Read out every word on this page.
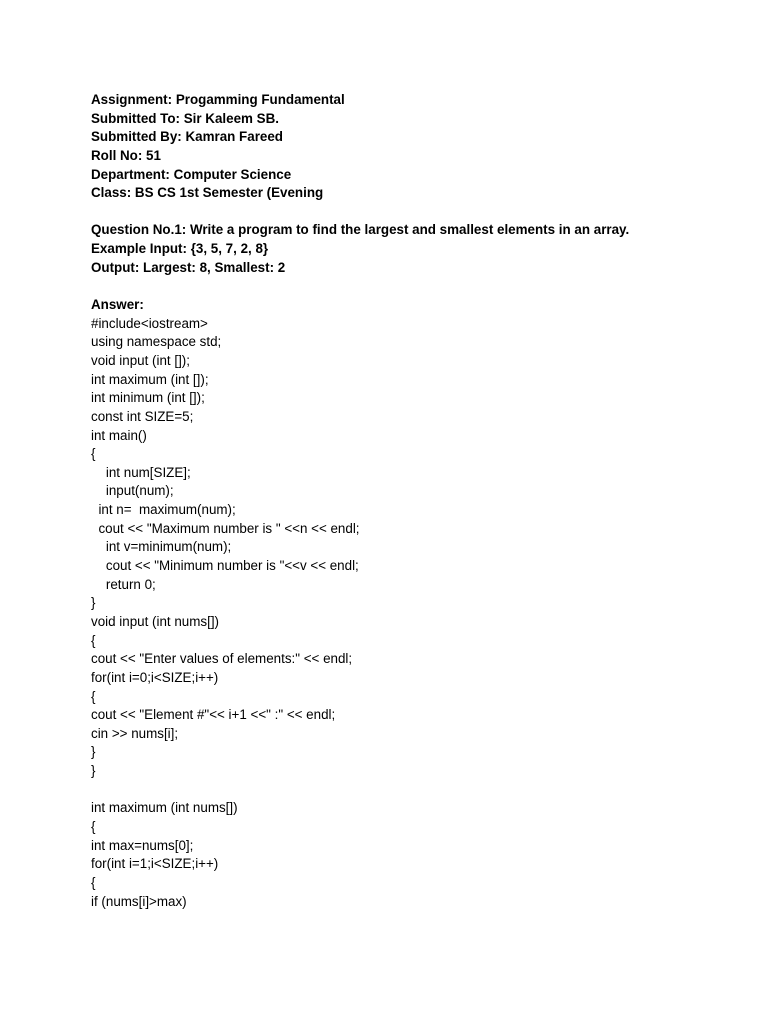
Assignment: Progamming Fundamental
Submitted To: Sir Kaleem SB.
Submitted By: Kamran Fareed
Roll No: 51
Department: Computer Science
Class: BS CS 1st Semester (Evening
Question No.1: Write a program to find the largest and smallest elements in an array.
Example Input: {3, 5, 7, 2, 8}
Output: Largest: 8, Smallest: 2
Answer:
#include<iostream>
using namespace std;
void input (int []);
int maximum (int []);
int minimum (int []);
const int SIZE=5;
int main()
{
int num[SIZE];
input(num);
int n=  maximum(num);
cout << "Maximum number is " <<n << endl;
int v=minimum(num);
cout << "Minimum number is "<<v << endl;
return 0;
}
void input (int nums[])
{
cout << "Enter values of elements:" << endl;
for(int i=0;i<SIZE;i++)
{
cout << "Element #"<< i+1 <<" :" << endl;
cin >> nums[i];
}
}
int maximum (int nums[])
{
int max=nums[0];
for(int i=1;i<SIZE;i++)
{
if (nums[i]>max)
